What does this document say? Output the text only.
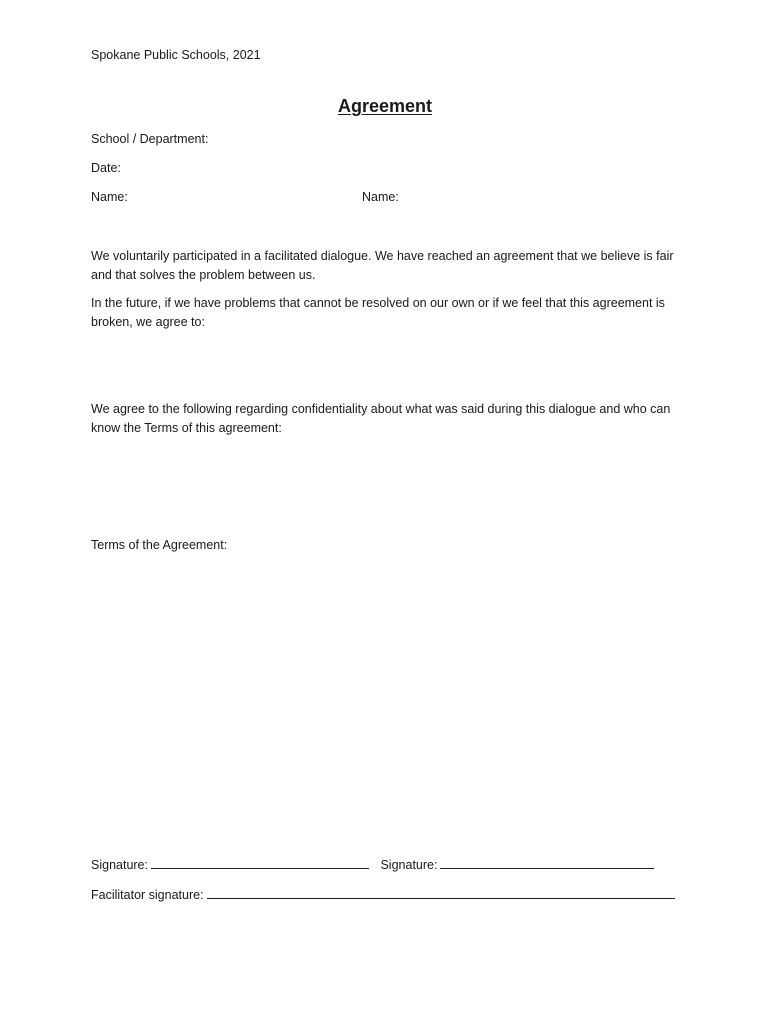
Spokane Public Schools, 2021
Agreement
School / Department:
Date:
Name:	Name:
We voluntarily participated in a facilitated dialogue. We have reached an agreement that we believe is fair and that solves the problem between us.
In the future, if we have problems that cannot be resolved on our own or if we feel that this agreement is broken, we agree to:
We agree to the following regarding confidentiality about what was said during this dialogue and who can know the Terms of this agreement:
Terms of the Agreement:
Signature:	Signature:
Facilitator signature:
